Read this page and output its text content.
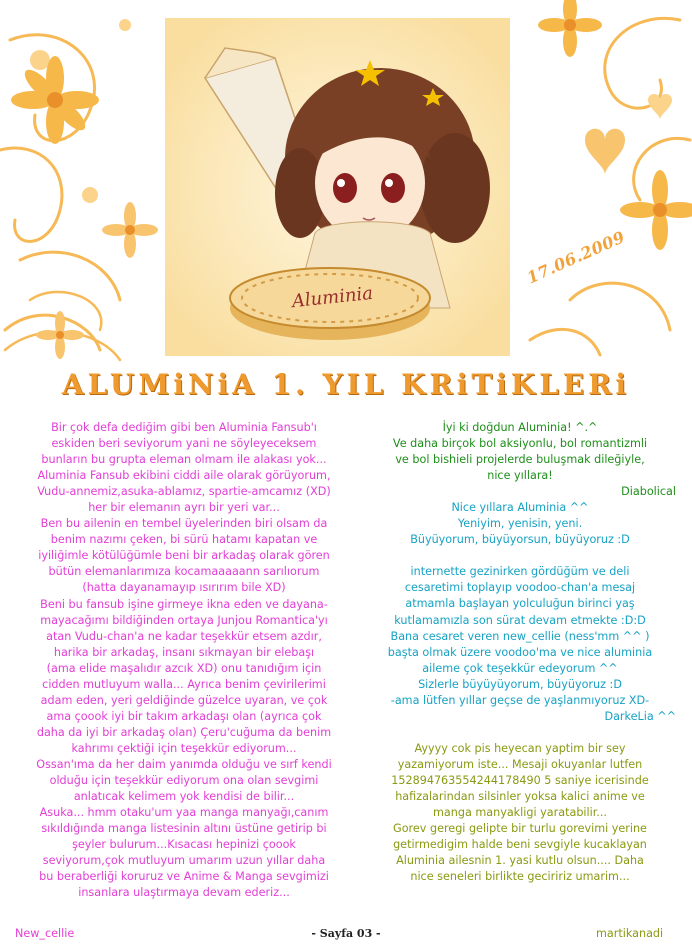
Aluminia
17.06.2009
ALUMiNiA 1. YIL KRiTiKLERi

Bir çok defa dediğim gibi ben Aluminia Fansub'ı

eskiden beri seviyorum yani ne söyleyeceksem

bunların bu grupta eleman olmam ile alakası yok...

Aluminia Fansub ekibini ciddi aile olarak görüyorum,

Vudu-annemiz,asuka-ablamız, spartie-amcamız (XD)

her bir elemanın ayrı bir yeri var...

Ben bu ailenin en tembel üyelerinden biri olsam da

benim nazımı çeken, bi sürü hatamı kapatan ve

iyiliğimle kötülüğümle beni bir arkadaş olarak gören

bütün elemanlarımıza kocamaaaaann sarılıorum

(hatta dayanamayıp ısırırım bile XD)

Beni bu fansub işine girmeye ikna eden ve dayana-

mayacağımı bildiğinden ortaya Junjou Romantica'yı

atan Vudu-chan'a ne kadar teşekkür etsem azdır,

harika bir arkadaş, insanı sıkmayan bir elebaşı

(ama elide maşalıdır azcık XD) onu tanıdığım için

cidden mutluyum walla... Ayrıca benim çevirilerimi

adam eden, yeri geldiğinde güzelce uyaran, ve çok

ama çoook iyi bir takım arkadaşı olan (ayrıca çok

daha da iyi bir arkadaş olan) Çeru'cuğuma da benim

kahrımı çektiği için teşekkür ediyorum...

Ossan'ıma da her daim yanımda olduğu ve sırf kendi

olduğu için teşekkür ediyorum ona olan sevgimi

anlatıcak kelimem yok kendisi de bilir...

Asuka... hmm otaku'um yaa manga manyağı,canım

sıkıldığında manga listesinin altını üstüne getirip bi

şeyler bulurum...Kısacası hepinizi çoook

seviyorum,çok mutluyum umarım uzun yıllar daha

bu beraberliği koruruz ve Anime & Manga sevgimizi

insanlara ulaştırmaya devam ederiz...

İyi ki doğdun Aluminia! ^.^

Ve daha birçok bol aksiyonlu, bol romantizmli

ve bol bishieli projelerde buluşmak dileğiyle,

nice yıllara!

Diabolical

Nice yıllara Aluminia ^^

Yeniyim, yenisin, yeni.

Büyüyorum, büyüyorsun, büyüyoruz :D

internette gezinirken gördüğüm ve deli

cesaretimi toplayıp voodoo-chan'a mesaj

atmamla başlayan yolculuğun birinci yaş

kutlamamızla son sürat devam etmekte :D:D

Bana cesaret veren new_cellie (ness'mm ^^ )

başta olmak üzere voodoo'ma ve nice aluminia

aileme çok teşekkür edeyorum ^^

Sizlerle büyüyüyorum, büyüyoruz :D

-ama lütfen yıllar geçse de yaşlanmıyoruz XD-

DarkeLia ^^

Ayyyy cok pis heyecan yaptim bir sey

yazamiyorum iste... Mesaji okuyanlar lutfen

152894763554244178490 5 saniye icerisinde

hafizalarindan silsinler yoksa kalici anime ve

manga manyakligi yaratabilir...

Gorev geregi gelipte bir turlu gorevimi yerine

getirmedigim halde beni sevgiyle kucaklayan

Aluminia ailesnin 1. yasi kutlu olsun.... Daha

nice seneleri birlikte geciririz umarim...

New_cellie	- Sayfa 03 -	martikanadi
